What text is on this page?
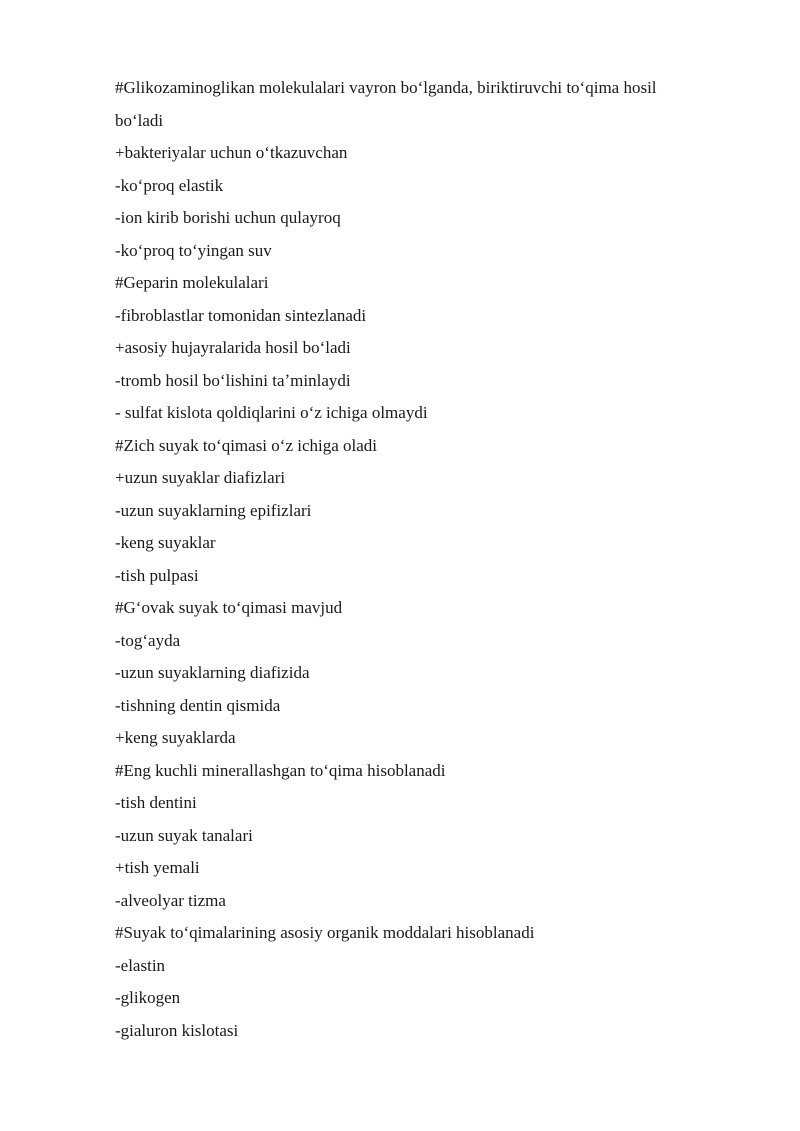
#Glikozaminoglikan molekulalari vayron boʻlganda, biriktiruvchi toʻqima hosil
boʻladi
+bakteriyalar uchun oʻtkazuvchan
-koʻproq elastik
-ion kirib borishi uchun qulayroq
-koʻproq toʻyingan suv
#Geparin molekulalari
-fibroblastlar tomonidan sintezlanadi
+asosiy hujayralarida hosil boʻladi
-tromb hosil boʻlishini taʼminlaydi
- sulfat kislota qoldiqlarini oʻz ichiga olmaydi
#Zich suyak toʻqimasi oʻz ichiga oladi
+uzun suyaklar diafizlari
-uzun suyaklarning epifizlari
-keng suyaklar
-tish pulpasi
#Gʻovak suyak toʻqimasi mavjud
-togʻayda
-uzun suyaklarning diafizida
-tishning dentin qismida
+keng suyaklarda
#Eng kuchli minerallashgan toʻqima hisoblanadi
-tish dentini
-uzun suyak tanalari
+tish yemali
-alveolyar tizma
#Suyak toʻqimalarining asosiy organik moddalari hisoblanadi
-elastin
-glikogen
-gialuron kislotasi
